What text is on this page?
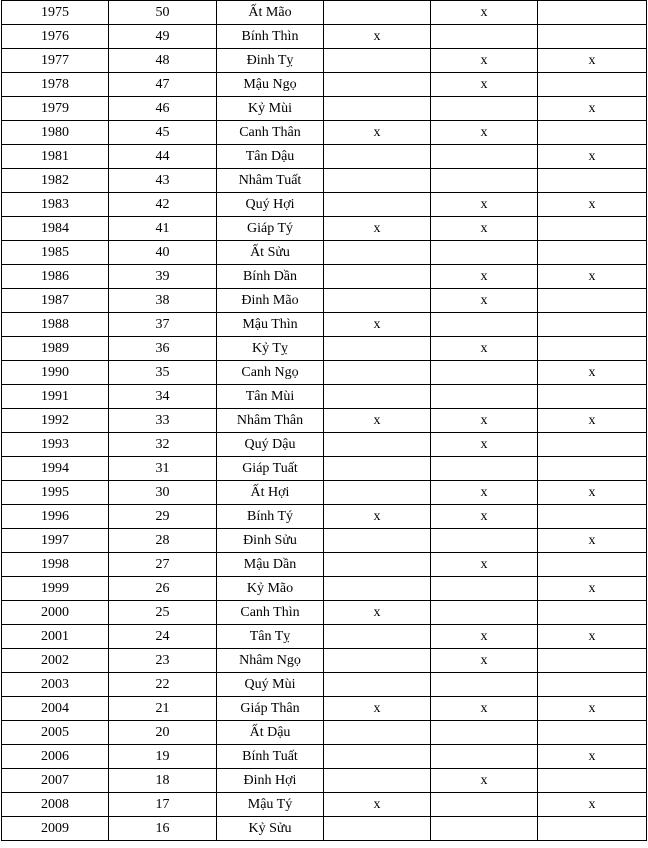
1975	50	Ất Mão		x	
1976	49	Bính Thìn	x		
1977	48	Đinh Tỵ		x	x
1978	47	Mậu Ngọ		x	
1979	46	Kỷ Mùi			x
1980	45	Canh Thân	x	x	
1981	44	Tân Dậu			x
1982	43	Nhâm Tuất			
1983	42	Quý Hợi		x	x
1984	41	Giáp Tý	x	x	
1985	40	Ất Sửu			
1986	39	Bính Dần		x	x
1987	38	Đinh Mão		x	
1988	37	Mậu Thìn	x		
1989	36	Kỷ Tỵ		x	
1990	35	Canh Ngọ			x
1991	34	Tân Mùi			
1992	33	Nhâm Thân	x	x	x
1993	32	Quý Dậu		x	
1994	31	Giáp Tuất			
1995	30	Ất Hợi		x	x
1996	29	Bính Tý	x	x	
1997	28	Đinh Sửu			x
1998	27	Mậu Dần		x	
1999	26	Kỷ Mão			x
2000	25	Canh Thìn	x		
2001	24	Tân Tỵ		x	x
2002	23	Nhâm Ngọ		x	
2003	22	Quý Mùi			
2004	21	Giáp Thân	x	x	x
2005	20	Ất Dậu			
2006	19	Bính Tuất			x
2007	18	Đinh Hợi		x	
2008	17	Mậu Tý	x		x
2009	16	Kỷ Sửu			
